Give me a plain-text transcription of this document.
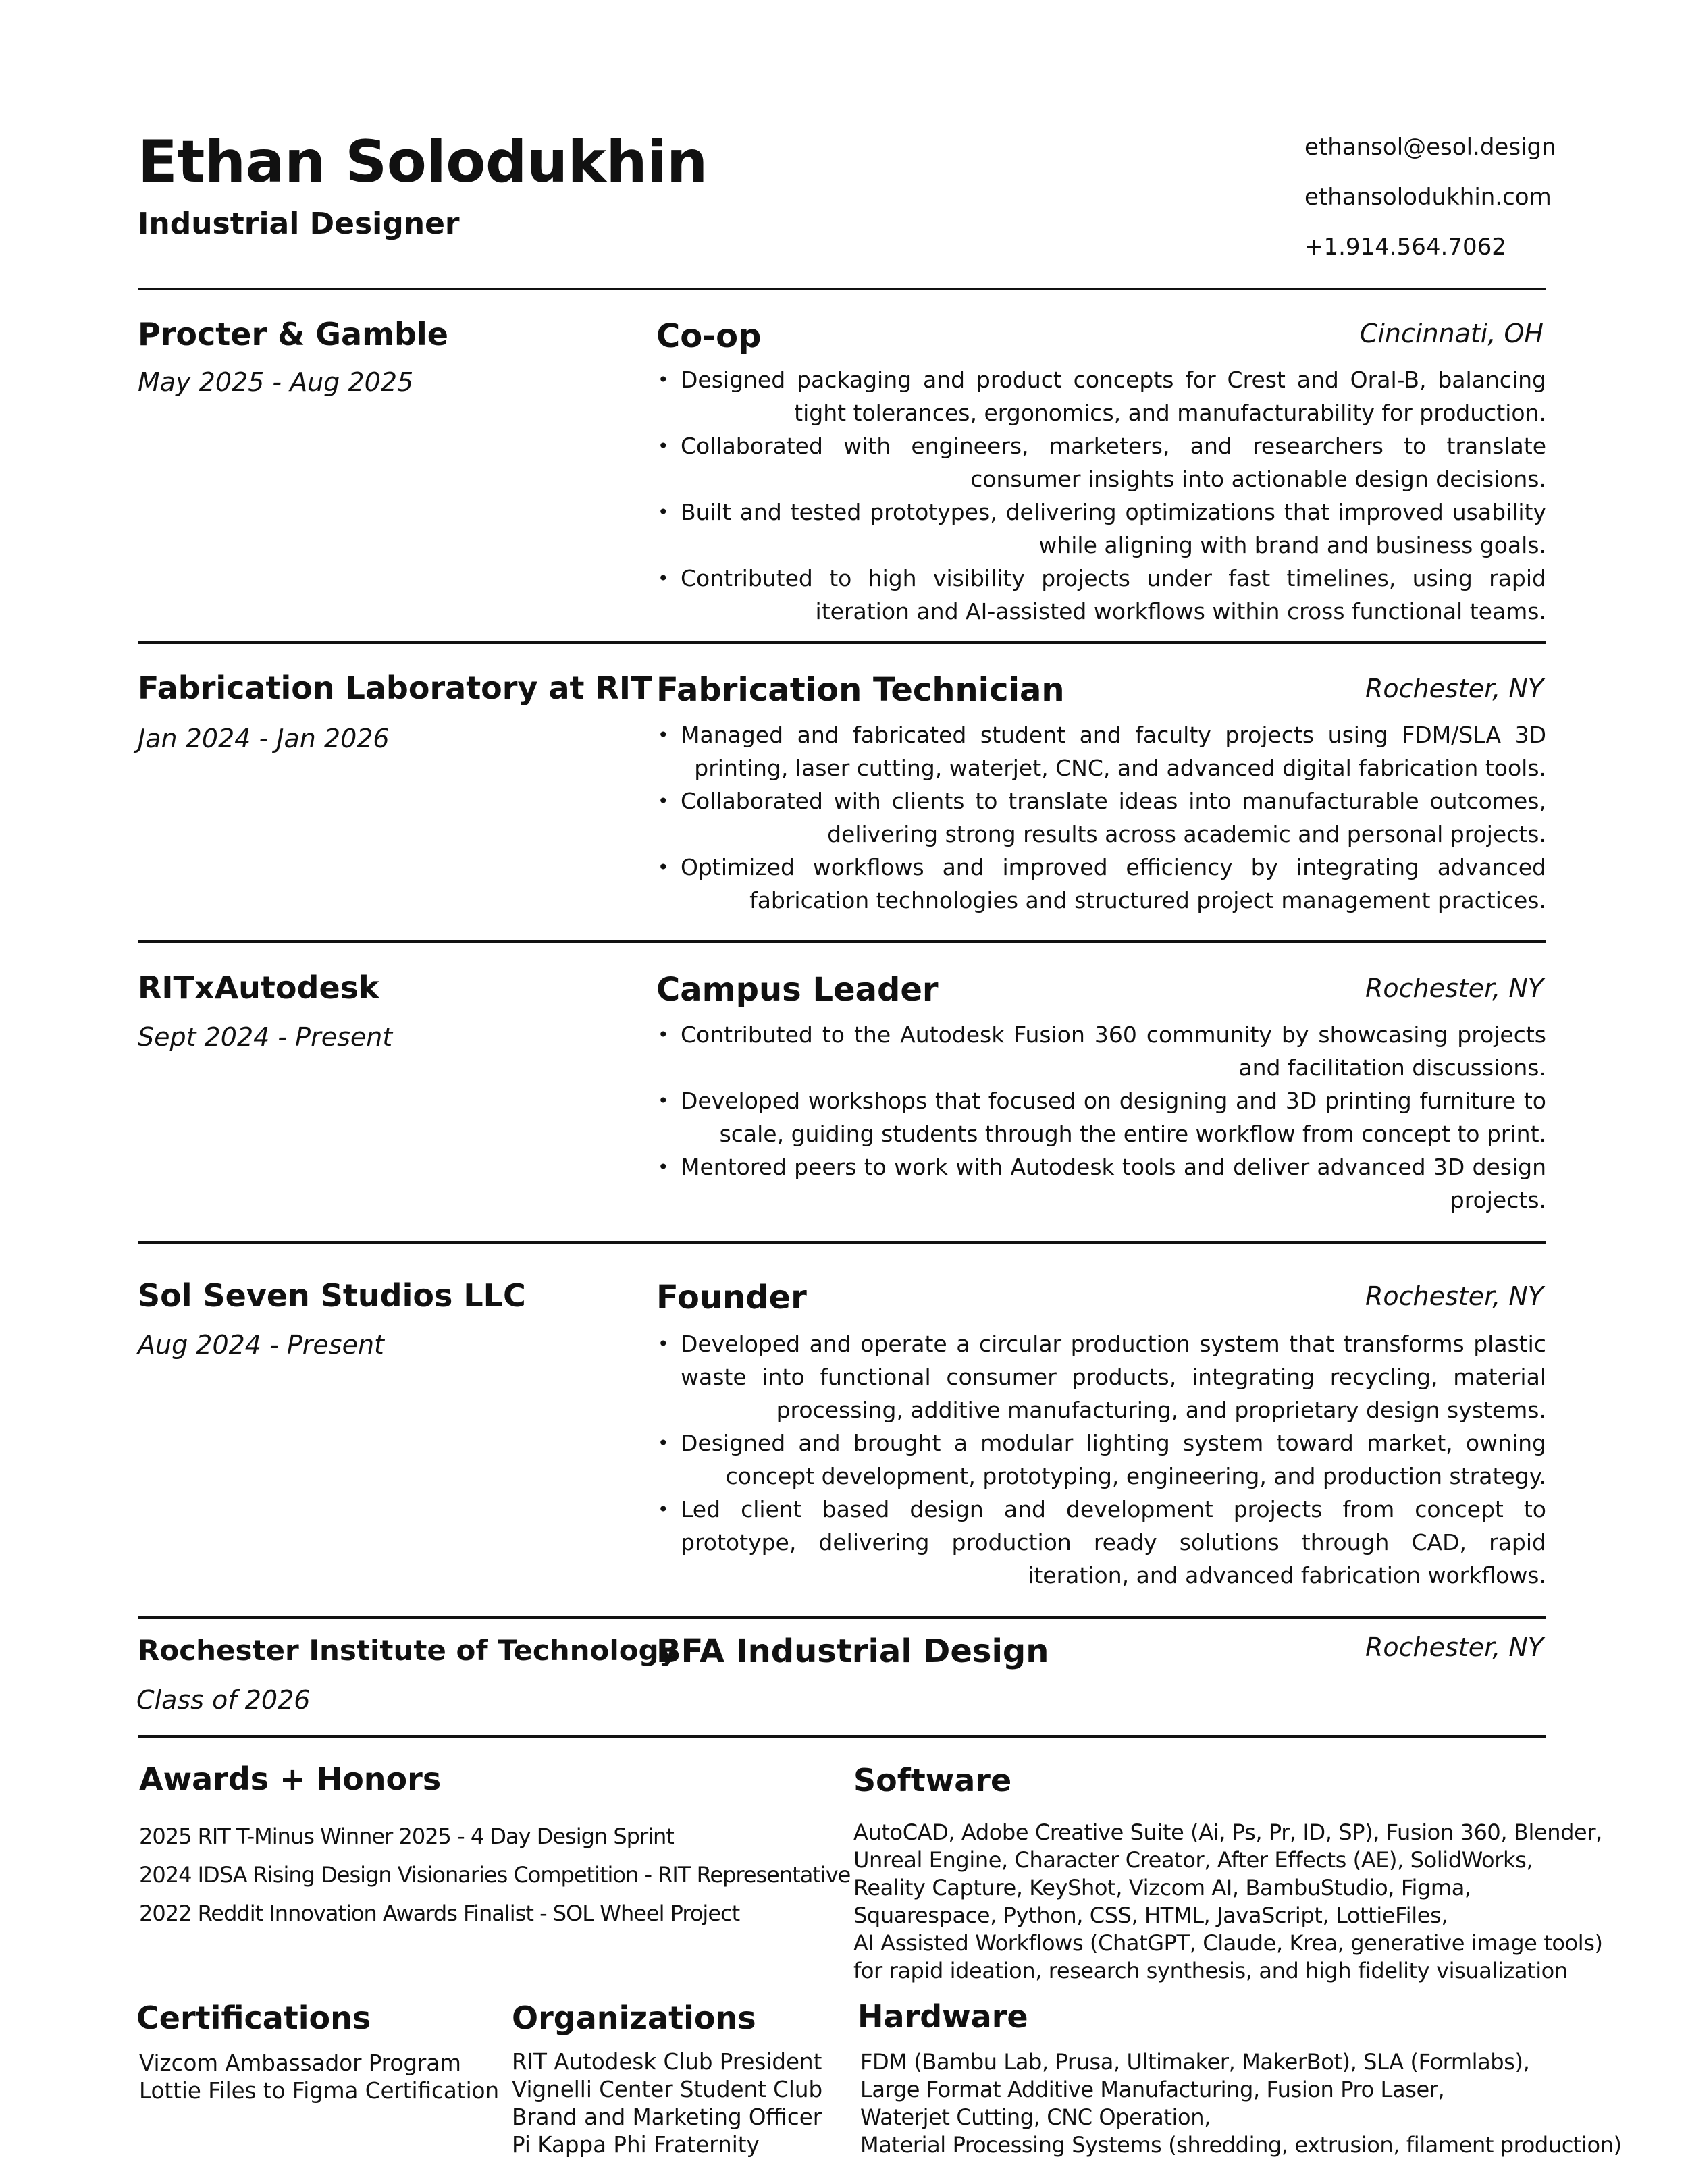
Ethan Solodukhin
Industrial Designer
ethansol@esol.design
ethansolodukhin.com
+1.914.564.7062
Procter & Gamble
May 2025 - Aug 2025
Co-op	Cincinnati, OH
• Designed packaging and product concepts for Crest and Oral-B, balancing tight tolerances, ergonomics, and manufacturability for production.
• Collaborated with engineers, marketers, and researchers to translate consumer insights into actionable design decisions.
• Built and tested prototypes, delivering optimizations that improved usability while aligning with brand and business goals.
• Contributed to high visibility projects under fast timelines, using rapid iteration and AI-assisted workflows within cross functional teams.
Fabrication Laboratory at RIT
Jan 2024 - Jan 2026
Fabrication Technician	Rochester, NY
• Managed and fabricated student and faculty projects using FDM/SLA 3D printing, laser cutting, waterjet, CNC, and advanced digital fabrication tools.
• Collaborated with clients to translate ideas into manufacturable outcomes, delivering strong results across academic and personal projects.
• Optimized workflows and improved efficiency by integrating advanced fabrication technologies and structured project management practices.
RITxAutodesk
Sept 2024 - Present
Campus Leader	Rochester, NY
• Contributed to the Autodesk Fusion 360 community by showcasing projects and facilitation discussions.
• Developed workshops that focused on designing and 3D printing furniture to scale, guiding students through the entire workflow from concept to print.
• Mentored peers to work with Autodesk tools and deliver advanced 3D design projects.
Sol Seven Studios LLC
Aug 2024 - Present
Founder	Rochester, NY
• Developed and operate a circular production system that transforms plastic waste into functional consumer products, integrating recycling, material processing, additive manufacturing, and proprietary design systems.
• Designed and brought a modular lighting system toward market, owning concept development, prototyping, engineering, and production strategy.
• Led client based design and development projects from concept to prototype, delivering production ready solutions through CAD, rapid iteration, and advanced fabrication workflows.
Rochester Institute of Technology
Class of 2026
BFA Industrial Design	Rochester, NY
Awards + Honors
2025 RIT T-Minus Winner 2025 - 4 Day Design Sprint
2024 IDSA Rising Design Visionaries Competition - RIT Representative
2022 Reddit Innovation Awards Finalist - SOL Wheel Project
Software
AutoCAD, Adobe Creative Suite (Ai, Ps, Pr, ID, SP), Fusion 360, Blender,
Unreal Engine, Character Creator, After Effects (AE), SolidWorks,
Reality Capture, KeyShot, Vizcom AI, BambuStudio, Figma,
Squarespace, Python, CSS, HTML, JavaScript, LottieFiles,
AI Assisted Workflows (ChatGPT, Claude, Krea, generative image tools)
for rapid ideation, research synthesis, and high fidelity visualization
Certifications
Vizcom Ambassador Program
Lottie Files to Figma Certification
Organizations
RIT Autodesk Club President
Vignelli Center Student Club
Brand and Marketing Officer
Pi Kappa Phi Fraternity
Hardware
FDM (Bambu Lab, Prusa, Ultimaker, MakerBot), SLA (Formlabs),
Large Format Additive Manufacturing, Fusion Pro Laser,
Waterjet Cutting, CNC Operation,
Material Processing Systems (shredding, extrusion, filament production)
